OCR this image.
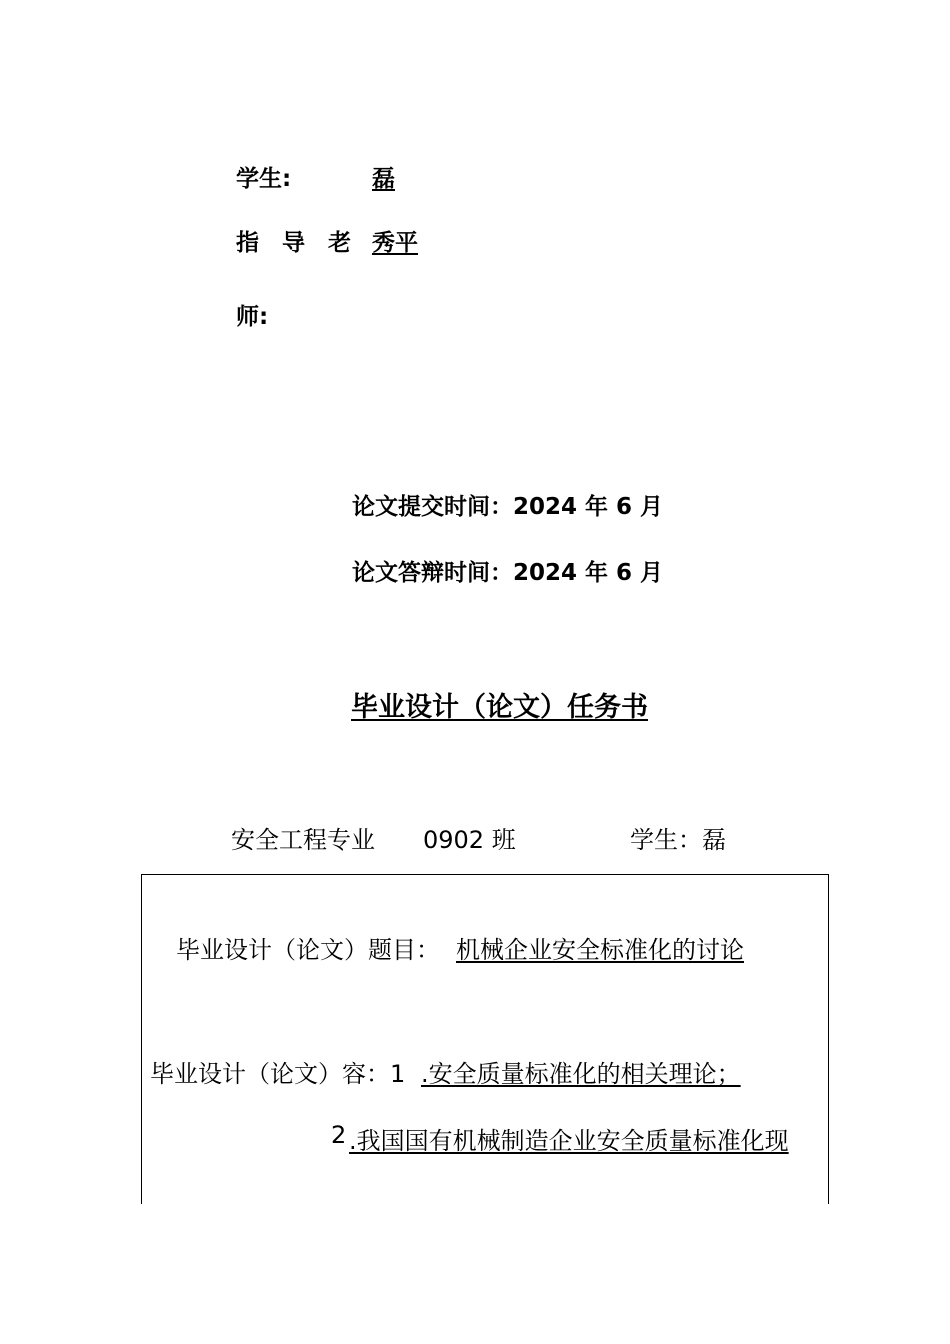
学生:	磊
指　导　老 秀平
师:
论文提交时间：2024 年 6 月
论文答辩时间：2024 年 6 月
毕业设计（论文）任务书
安全工程专业　　0902 班	学生：磊
毕业设计（论文）题目： 机械企业安全标准化的讨论
毕业设计（论文）容：1 .安全质量标准化的相关理论；
2 .我国国有机械制造企业安全质量标准化现
